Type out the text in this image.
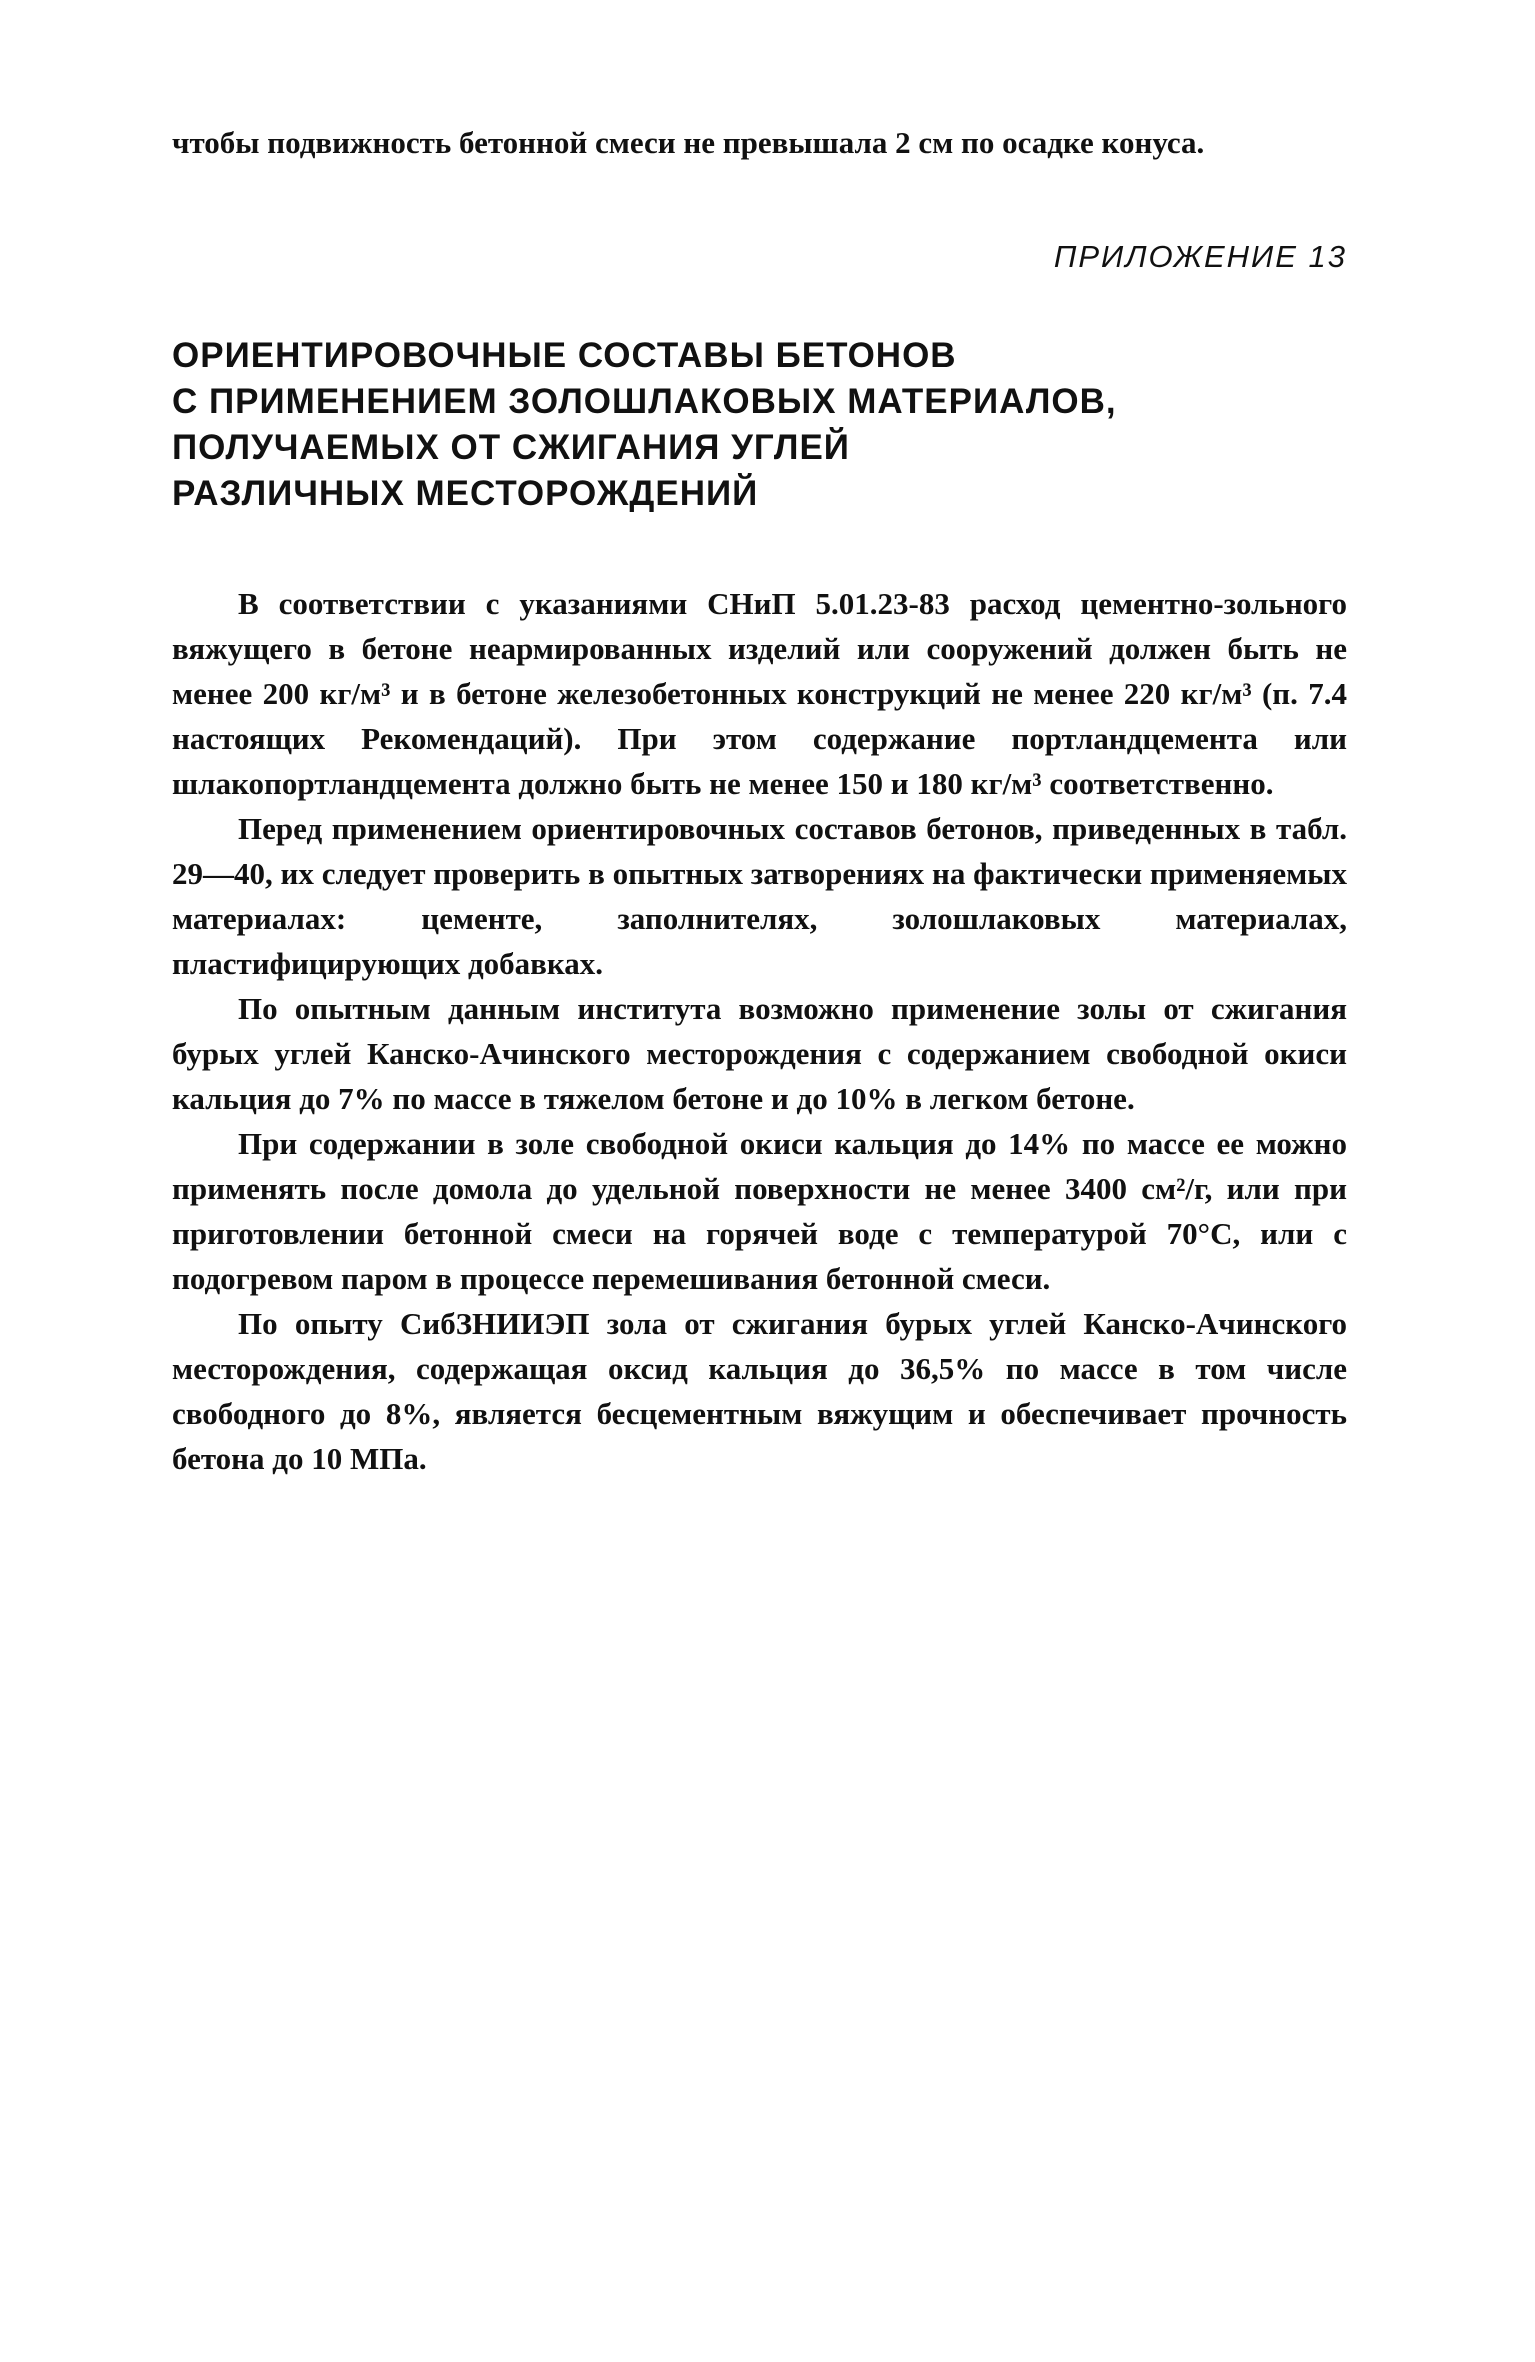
чтобы подвижность бетонной смеси не превышала 2 см по осадке конуса.

ПРИЛОЖЕНИЕ 13

ОРИЕНТИРОВОЧНЫЕ СОСТАВЫ БЕТОНОВ
С ПРИМЕНЕНИЕМ ЗОЛОШЛАКОВЫХ МАТЕРИАЛОВ,
ПОЛУЧАЕМЫХ ОТ СЖИГАНИЯ УГЛЕЙ
РАЗЛИЧНЫХ МЕСТОРОЖДЕНИЙ

В соответствии с указаниями СНиП 5.01.23-83 расход цементно-зольного вяжущего в бетоне неармированных изделий или сооружений должен быть не менее 200 кг/м³ и в бетоне железобетонных конструкций не менее 220 кг/м³ (п. 7.4 настоящих Рекомендаций). При этом содержание портландцемента или шлакопортландцемента должно быть не менее 150 и 180 кг/м³ соответственно.

Перед применением ориентировочных составов бетонов, приведенных в табл. 29—40, их следует проверить в опытных затворениях на фактически применяемых материалах: цементе, заполнителях, золошлаковых материалах, пластифицирующих добавках.

По опытным данным института возможно применение золы от сжигания бурых углей Канско-Ачинского месторождения с содержанием свободной окиси кальция до 7% по массе в тяжелом бетоне и до 10% в легком бетоне.

При содержании в золе свободной окиси кальция до 14% по массе ее можно применять после домола до удельной поверхности не менее 3400 см²/г, или при приготовлении бетонной смеси на горячей воде с температурой 70°С, или с подогревом паром в процессе перемешивания бетонной смеси.

По опыту СибЗНИИЭП зола от сжигания бурых углей Канско-Ачинского месторождения, содержащая оксид кальция до 36,5% по массе в том числе свободного до 8%, является бесцементным вяжущим и обеспечивает прочность бетона до 10 МПа.
